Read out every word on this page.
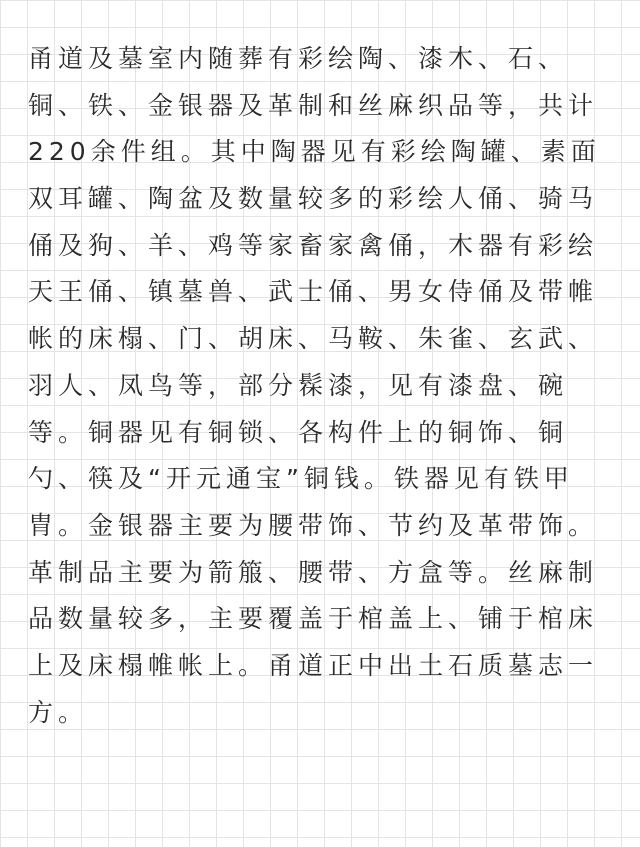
甬道及墓室内随葬有彩绘陶、漆木、石、
铜、铁、金银器及革制和丝麻织品等，共计
220余件组。其中陶器见有彩绘陶罐、素面
双耳罐、陶盆及数量较多的彩绘人俑、骑马
俑及狗、羊、鸡等家畜家禽俑，木器有彩绘
天王俑、镇墓兽、武士俑、男女侍俑及带帷
帐的床榻、门、胡床、马鞍、朱雀、玄武、
羽人、凤鸟等，部分髹漆，见有漆盘、碗
等。铜器见有铜锁、各构件上的铜饰、铜
勺、筷及“开元通宝”铜钱。铁器见有铁甲
胄。金银器主要为腰带饰、节约及革带饰。
革制品主要为箭箙、腰带、方盒等。丝麻制
品数量较多，主要覆盖于棺盖上、铺于棺床
上及床榻帷帐上。甬道正中出土石质墓志一
方。
